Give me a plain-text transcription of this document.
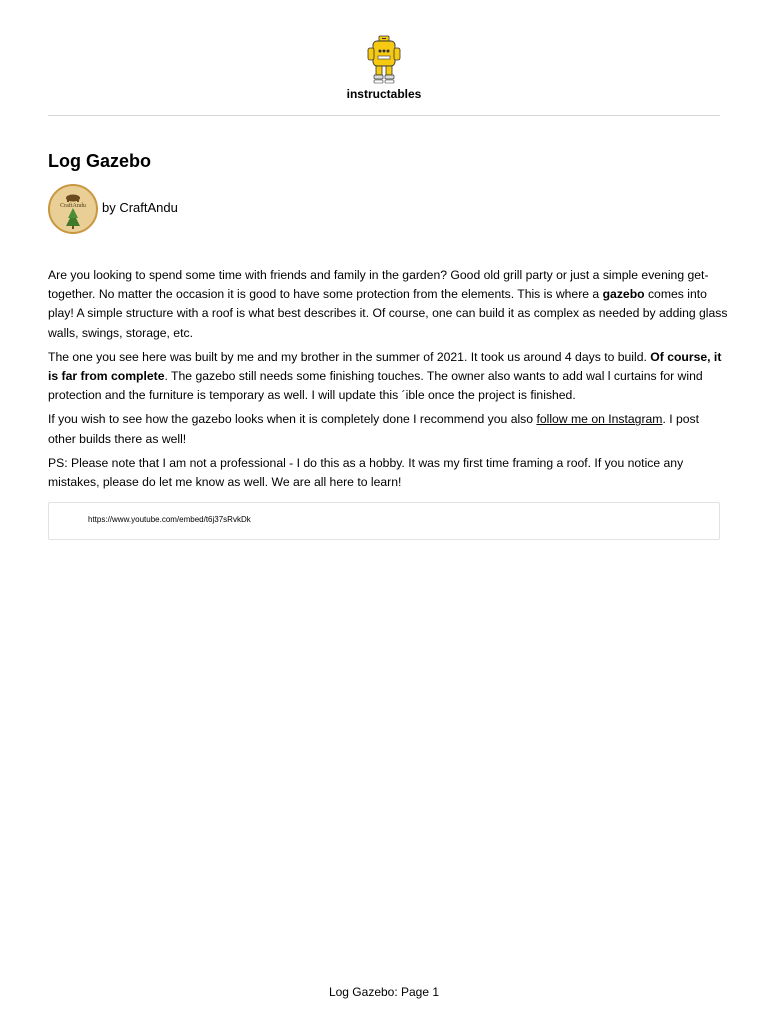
instructables
Log Gazebo
CraftAndu	by CraftAndu

Are you looking to spend some time with friends and family in the garden? Good old grill party or just a simple evening get-together. No matter the occasion it is good to have some protection from the elements. This is where a gazebo comes into play! A simple structure with a roof is what best describes it. Of course, one can build it as complex as needed by adding glass walls, swings, storage, etc.

The one you see here was built by me and my brother in the summer of 2021. It took us around 4 days to build. Of course, it is far from complete. The gazebo still needs some finishing touches. The owner also wants to add wal l curtains for wind protection and the furniture is temporary as well. I will update this ´ible once the project is finished.

If you wish to see how the gazebo looks when it is completely done I recommend you also follow me on Instagram. I post other builds there as well!

PS: Please note that I am not a professional - I do this as a hobby. It was my first time framing a roof. If you notice any mistakes, please do let me know as well. We are all here to learn!

https://www.youtube.com/embed/t6j37sRvkDk
Log Gazebo: Page 1
